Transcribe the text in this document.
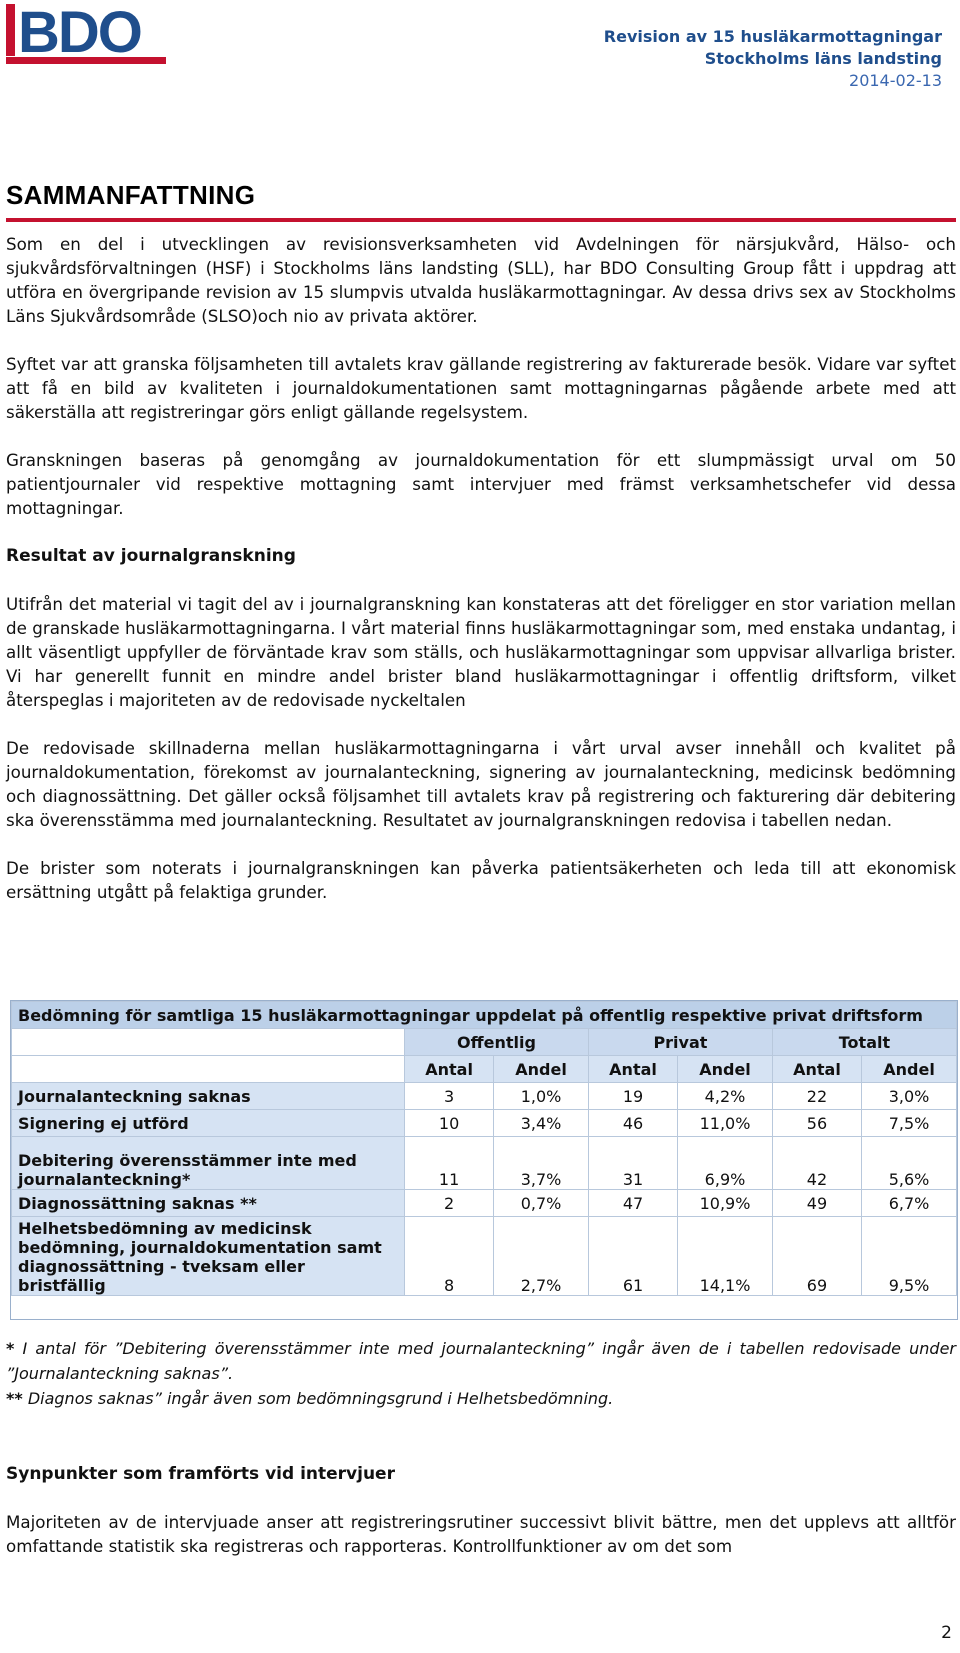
BDO	Revision av 15 husläkarmottagningar
Stockholms läns landsting
2014-02-13
SAMMANFATTNING

Som en del i utvecklingen av revisionsverksamheten vid Avdelningen för närsjukvård, Hälso- och sjukvårdsförvaltningen (HSF) i Stockholms läns landsting (SLL), har BDO Consulting Group fått i uppdrag att utföra en övergripande revision av 15 slumpvis utvalda husläkarmottagningar. Av dessa drivs sex av Stockholms Läns Sjukvårdsområde (SLSO)och nio av privata aktörer.

Syftet var att granska följsamheten till avtalets krav gällande registrering av fakturerade besök. Vidare var syftet att få en bild av kvaliteten i journaldokumentationen samt mottagningarnas pågående arbete med att säkerställa att registreringar görs enligt gällande regelsystem.

Granskningen baseras på genomgång av journaldokumentation för ett slumpmässigt urval om 50 patientjournaler vid respektive mottagning samt intervjuer med främst verksamhetschefer vid dessa mottagningar.

Resultat av journalgranskning

Utifrån det material vi tagit del av i journalgranskning kan konstateras att det föreligger en stor variation mellan de granskade husläkarmottagningarna. I vårt material finns husläkarmottagningar som, med enstaka undantag, i allt väsentligt uppfyller de förväntade krav som ställs, och husläkarmottagningar som uppvisar allvarliga brister. Vi har generellt funnit en mindre andel brister bland husläkarmottagningar i offentlig driftsform, vilket återspeglas i majoriteten av de redovisade nyckeltalen

De redovisade skillnaderna mellan husläkarmottagningarna i vårt urval avser innehåll och kvalitet på journaldokumentation, förekomst av journalanteckning, signering av journalanteckning, medicinsk bedömning och diagnossättning. Det gäller också följsamhet till avtalets krav på registrering och fakturering där debitering ska överensstämma med journalanteckning. Resultatet av journalgranskningen redovisa i tabellen nedan.

De brister som noterats i journalgranskningen kan påverka patientsäkerheten och leda till att ekonomisk ersättning utgått på felaktiga grunder.

Bedömning för samtliga 15 husläkarmottagningar uppdelat på offentlig respektive privat driftsform						
	Offentlig		Privat		Totalt	
	Antal	Andel	Antal	Andel	Antal	Andel
Journalanteckning saknas	3	1,0%	19	4,2%	22	3,0%
Signering ej utförd	10	3,4%	46	11,0%	56	7,5%
Debitering överensstämmer inte med journalanteckning*	11	3,7%	31	6,9%	42	5,6%
Diagnossättning saknas **	2	0,7%	47	10,9%	49	6,7%
Helhetsbedömning av medicinsk bedömning, journaldokumentation samt diagnossättning - tveksam eller bristfällig	8	2,7%	61	14,1%	69	9,5%

* I antal för ”Debitering överensstämmer inte med journalanteckning” ingår även de i tabellen redovisade under ”Journalanteckning saknas”.

** Diagnos saknas” ingår även som bedömningsgrund i Helhetsbedömning.

Synpunkter som framförts vid intervjuer

Majoriteten av de intervjuade anser att registreringsrutiner successivt blivit bättre, men det upplevs att alltför omfattande statistik ska registreras och rapporteras. Kontrollfunktioner av om det som

2
